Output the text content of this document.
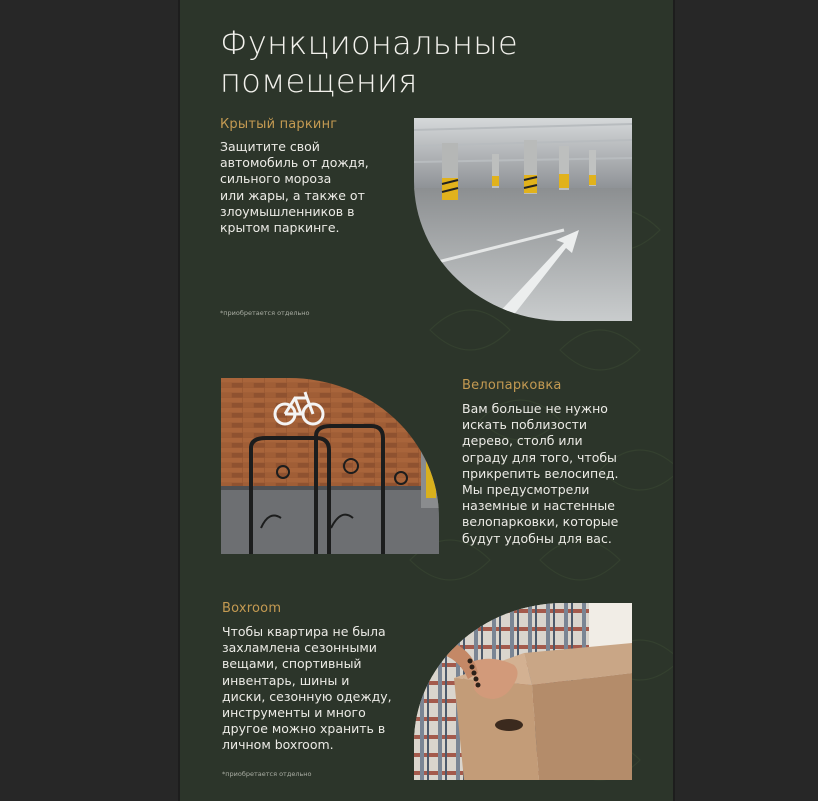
Функциональные
помещения
Крытый паркинг

Защитите свой
автомобиль от дождя,
сильного мороза
или жары, а также от
злоумышленников в
крытом паркинге.

*приобретается отдельно

Велопарковка

Вам больше не нужно
искать поблизости
дерево, столб или
ограду для того, чтобы
прикрепить велосипед.
Мы предусмотрели
наземные и настенные
велопарковки, которые
будут удобны для вас.

Boxroom

Чтобы квартира не была
захламлена сезонными
вещами, спортивный
инвентарь, шины и
диски, сезонную одежду,
инструменты и много
другое можно хранить в
личном boxroom.

*приобретается отдельно
